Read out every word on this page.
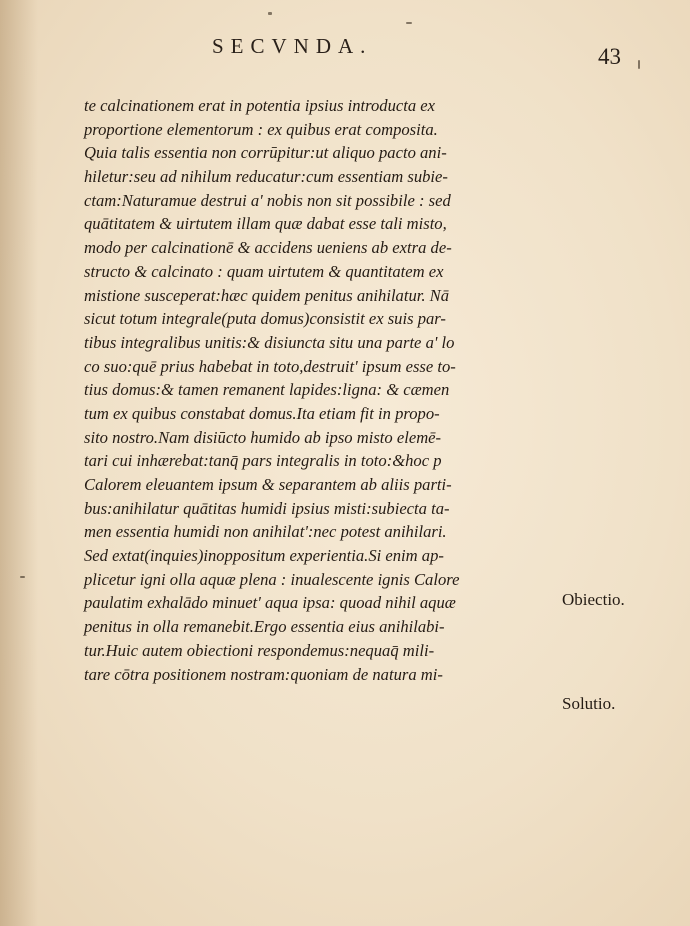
SECVNDA.	43
te calcinationem erat in potentia ipsius introducta ex
proportione elementorum : ex quibus erat composita.
Quia talis essentia non corrūpitur:ut aliquo pacto ani-
hiletur:seu ad nihilum reducatur:cum essentiam subie-
ctam:Naturamue destrui a' nobis non sit possibile : sed
quātitatem & uirtutem illam quæ dabat esse tali misto,
modo per calcinationē & accidens ueniens ab extra de-
structo & calcinato : quam uirtutem & quantitatem ex
mistione susceperat:hæc quidem penitus anihilatur. Nā
sicut totum integrale(puta domus)consistit ex suis par-
tibus integralibus unitis:& disiuncta situ una parte a' lo
co suo:quē prius habebat in toto,destruit' ipsum esse to-
tius domus:& tamen remanent lapides:ligna: & cæmen
tum ex quibus constabat domus.Ita etiam fit in propo-
sito nostro.Nam disiūcto humido ab ipso misto elemē-
tari cui inhærebat:tanq̄ pars integralis in toto:&hoc p
Calorem eleuantem ipsum & separantem ab aliis parti-
bus:anihilatur quātitas humidi ipsius misti:subiecta ta-
men essentia humidi non anihilat':nec potest anihilari.
Sed extat(inquies)inoppositum experientia.Si enim ap-
plicetur igni olla aquæ plena : inualescente ignis Calore
paulatim exhalādo minuet' aqua ipsa: quoad nihil aquæ
penitus in olla remanebit.Ergo essentia eius anihilabi-
tur.Huic autem obiectioni respondemus:nequaq̄ mili-
tare cōtra positionem nostram:quoniam de natura mi-
Obiectio.
Solutio.
